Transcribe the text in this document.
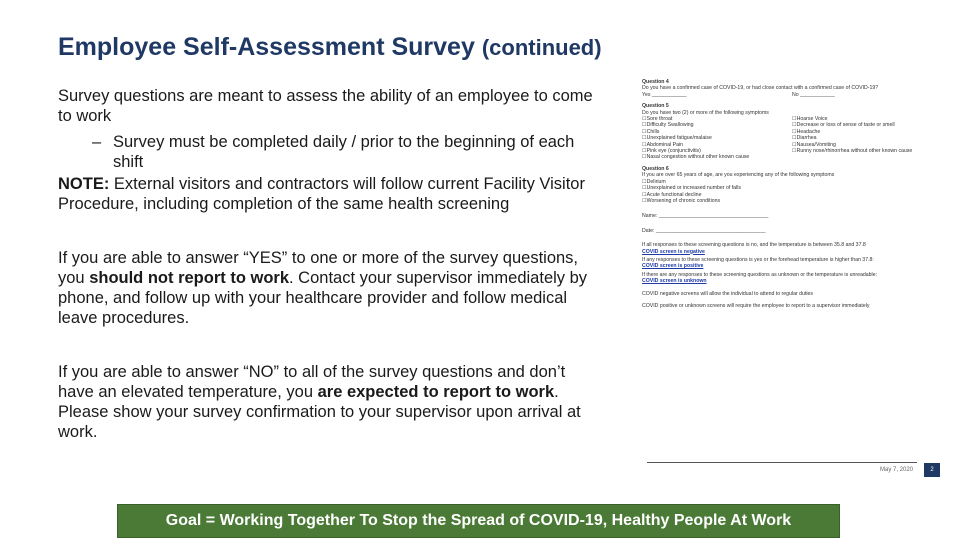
Employee Self-Assessment Survey (continued)

Survey questions are meant to assess the ability of an employee to come to work

– Survey must be completed daily / prior to the beginning of each shift

NOTE: External visitors and contractors will follow current Facility Visitor Procedure, including completion of the same health screening

If you are able to answer “YES” to one or more of the survey questions, you should not report to work. Contact your supervisor immediately by phone, and follow up with your healthcare provider and follow medical leave procedures.

If you are able to answer “NO” to all of the survey questions and don’t have an elevated temperature, you are expected to report to work. Please show your survey confirmation to your supervisor upon arrival at work.

Question 4
Do you have a confirmed case of COVID-19, or had close contact with a confirmed case of COVID-19?
Yes ____________	No ____________
Question 5
Do you have two (2) or more of the following symptoms
☐ Sore throat
☐ Difficulty Swallowing
☐ Chills
☐ Unexplained fatigue/malaise
☐ Abdominal Pain
☐ Pink eye (conjunctivitis)
☐ Nasal congestion without other known cause
☐ Hoarse Voice
☐ Decrease or loss of sense of taste or smell
☐ Headache
☐ Diarrhea
☐ Nausea/Vomiting
☐ Runny nose/rhinorrhea without other known cause
Question 6
If you are over 65 years of age, are you experiencing any of the following symptoms
☐ Delirium
☐ Unexplained or increased number of falls
☐ Acute functional decline
☐ Worsening of chronic conditions

Name: ______________________________________

Date: ______________________________________

If all responses to these screening questions is no, and the temperature is between 35.8 and 37.8
COVID screen is negative

If any responses to these screening questions is yes or the forehead temperature is higher than 37.8:
COVID screen is positive

If there are any responses to these screening questions as unknown or the temperature is unreadable:
COVID screen is unknown

COVID negative screens will allow the individual to attend to regular duties

COVID positive or unknown screens will require the employee to report to a supervisor immediately

May 7, 2020	2
Goal = Working Together To Stop the Spread of COVID-19, Healthy People At Work
